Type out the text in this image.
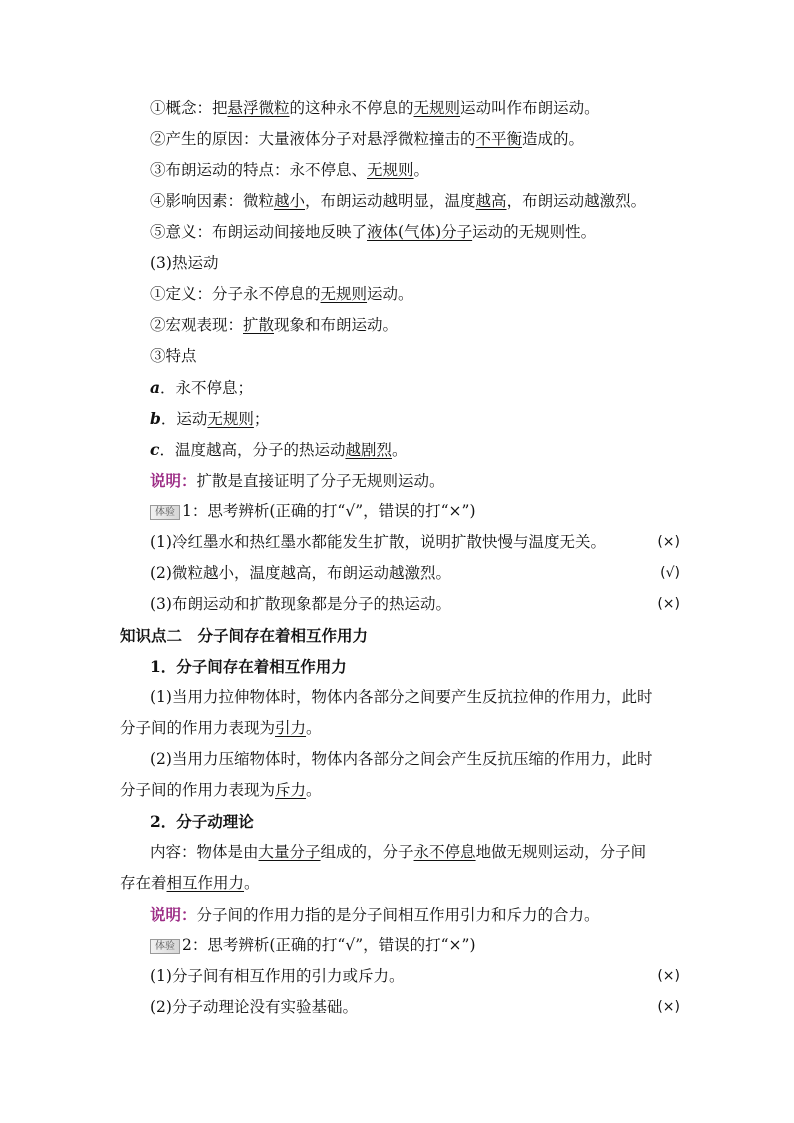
①概念：把悬浮微粒的这种永不停息的无规则运动叫作布朗运动。
②产生的原因：大量液体分子对悬浮微粒撞击的不平衡造成的。
③布朗运动的特点：永不停息、无规则。
④影响因素：微粒越小，布朗运动越明显，温度越高，布朗运动越激烈。
⑤意义：布朗运动间接地反映了液体(气体)分子运动的无规则性。
(3)热运动
①定义：分子永不停息的无规则运动。
②宏观表现：扩散现象和布朗运动。
③特点
a．永不停息；
b．运动无规则；
c．温度越高，分子的热运动越剧烈。
说明：扩散是直接证明了分子无规则运动。
体验 1：思考辨析(正确的打“√”，错误的打“×”)
(1)冷红墨水和热红墨水都能发生扩散，说明扩散快慢与温度无关。	(×)
(2)微粒越小，温度越高，布朗运动越激烈。	(√)
(3)布朗运动和扩散现象都是分子的热运动。	(×)
知识点二　分子间存在着相互作用力
1．分子间存在着相互作用力
(1)当用力拉伸物体时，物体内各部分之间要产生反抗拉伸的作用力，此时
分子间的作用力表现为引力。
(2)当用力压缩物体时，物体内各部分之间会产生反抗压缩的作用力，此时
分子间的作用力表现为斥力。
2．分子动理论
内容：物体是由大量分子组成的，分子永不停息地做无规则运动，分子间
存在着相互作用力。
说明：分子间的作用力指的是分子间相互作用引力和斥力的合力。
体验 2：思考辨析(正确的打“√”，错误的打“×”)
(1)分子间有相互作用的引力或斥力。	(×)
(2)分子动理论没有实验基础。	(×)
